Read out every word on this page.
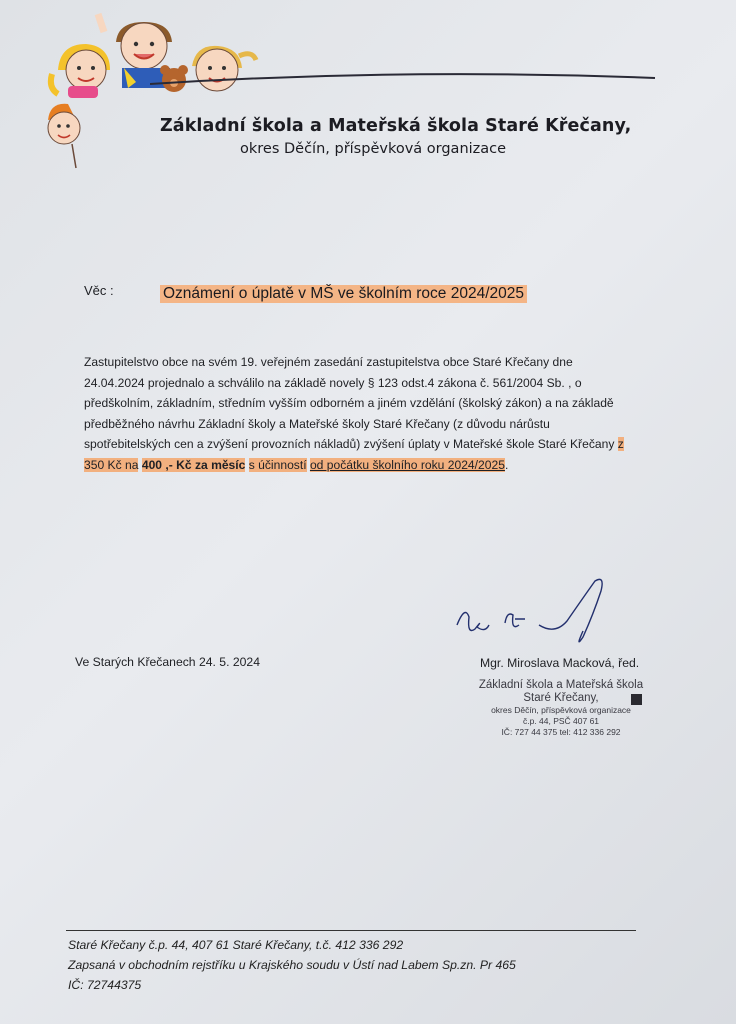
Základní škola a Mateřská škola Staré Křečany,
okres Děčín, příspěvková organizace
Věc :	Oznámení o úplatě v MŠ ve školním roce 2024/2025
Zastupitelstvo obce na svém 19. veřejném zasedání zastupitelstva obce Staré Křečany dne 24.04.2024 projednalo a schválilo na základě novely § 123 odst.4 zákona č. 561/2004 Sb. , o předškolním, základním, středním vyšším odborném a jiném vzdělání (školský zákon) a na základě předběžného návrhu Základní školy a Mateřské školy Staré Křečany (z důvodu nárůstu spotřebitelských cen a zvýšení provozních nákladů) zvýšení úplaty v Mateřské škole Staré Křečany z 350 Kč na 400 ,- Kč za měsíc s účinností od počátku školního roku 2024/2025.
Ve Starých Křečanech 24. 5. 2024	Mgr. Miroslava Macková, řed.
Základní škola a Mateřská škola
Staré Křečany,
okres Děčín, příspěvková organizace
č.p. 44, PSČ 407 61
IČ: 727 44 375 tel: 412 336 292
Staré Křečany č.p. 44, 407 61 Staré Křečany, t.č. 412 336 292
Zapsaná v obchodním rejstříku u Krajského soudu v Ústí nad Labem Sp.zn. Pr 465
IČ: 72744375
